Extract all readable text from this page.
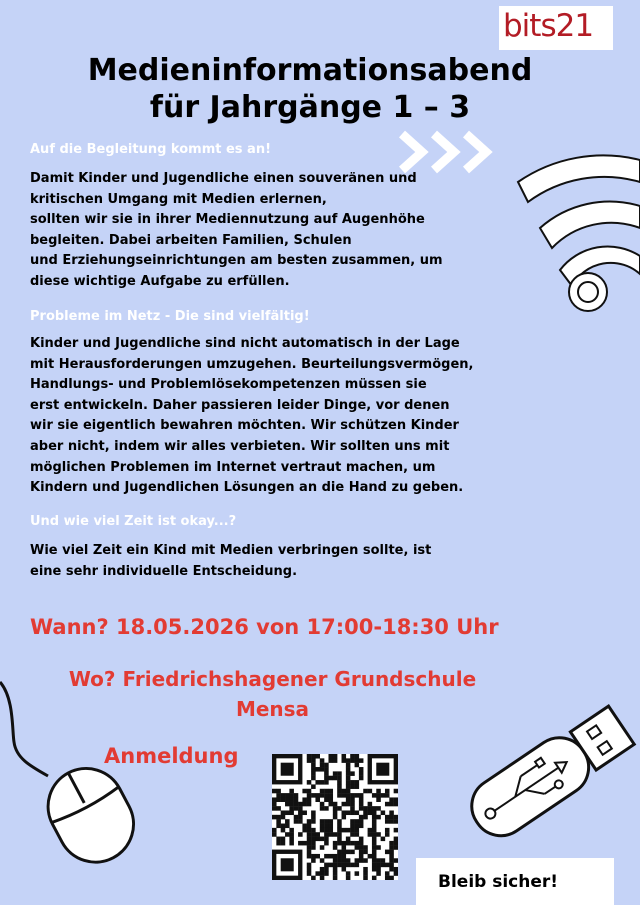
bits21
Medieninformationsabend
für Jahrgänge 1 – 3
Auf die Begleitung kommt es an!
Damit Kinder und Jugendliche einen souveränen und
kritischen Umgang mit Medien erlernen,
sollten wir sie in ihrer Mediennutzung auf Augenhöhe
begleiten. Dabei arbeiten Familien, Schulen
und Erziehungseinrichtungen am besten zusammen, um
diese wichtige Aufgabe zu erfüllen.
Probleme im Netz - Die sind vielfältig!
Kinder und Jugendliche sind nicht automatisch in der Lage
mit Herausforderungen umzugehen. Beurteilungsvermögen,
Handlungs- und Problemlösekompetenzen müssen sie
erst entwickeln. Daher passieren leider Dinge, vor denen
wir sie eigentlich bewahren möchten. Wir schützen Kinder
aber nicht, indem wir alles verbieten. Wir sollten uns mit
möglichen Problemen im Internet vertraut machen, um
Kindern und Jugendlichen Lösungen an die Hand zu geben.
Und wie viel Zeit ist okay...?
Wie viel Zeit ein Kind mit Medien verbringen sollte, ist
eine sehr individuelle Entscheidung.
Wann? 18.05.2026 von 17:00-18:30 Uhr
Wo? Friedrichshagener Grundschule
Mensa
Anmeldung
Bleib sicher!
